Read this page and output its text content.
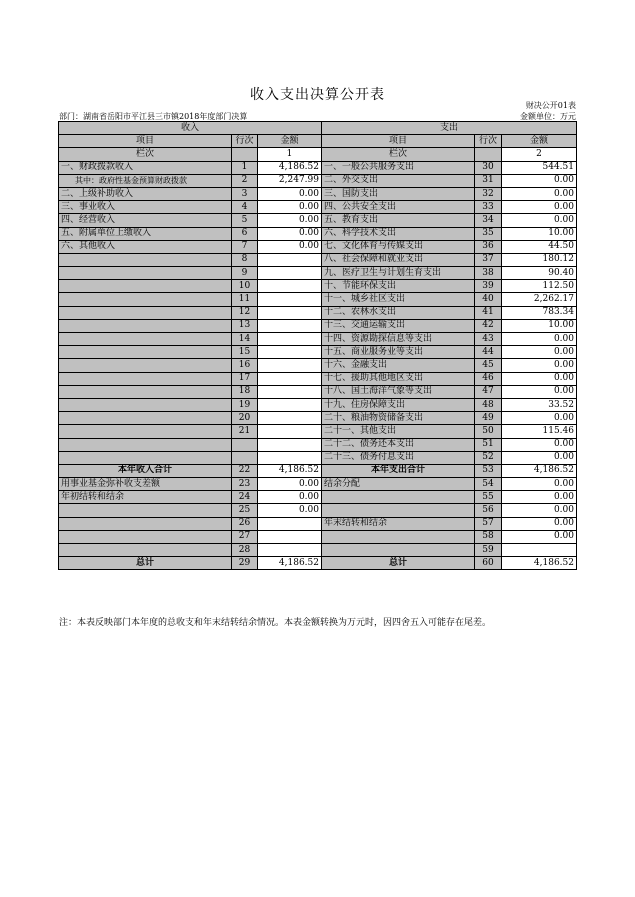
收入支出决算公开表
财决公开01表
部门：湖南省岳阳市平江县三市镇2018年度部门决算	金额单位：万元
收入			支出		
项目	行次	金额	项目	行次	金额
栏次		1	栏次		2
一、财政拨款收入	1	4,186.52	一、一般公共服务支出	30	544.51
其中：政府性基金预算财政拨款	2	2,247.99	二、外交支出	31	0.00
二、上级补助收入	3	0.00	三、国防支出	32	0.00
三、事业收入	4	0.00	四、公共安全支出	33	0.00
四、经营收入	5	0.00	五、教育支出	34	0.00
五、附属单位上缴收入	6	0.00	六、科学技术支出	35	10.00
六、其他收入	7	0.00	七、文化体育与传媒支出	36	44.50
	8		八、社会保障和就业支出	37	180.12
	9		九、医疗卫生与计划生育支出	38	90.40
	10		十、节能环保支出	39	112.50
	11		十一、城乡社区支出	40	2,262.17
	12		十二、农林水支出	41	783.34
	13		十三、交通运输支出	42	10.00
	14		十四、资源勘探信息等支出	43	0.00
	15		十五、商业服务业等支出	44	0.00
	16		十六、金融支出	45	0.00
	17		十七、援助其他地区支出	46	0.00
	18		十八、国土海洋气象等支出	47	0.00
	19		十九、住房保障支出	48	33.52
	20		二十、粮油物资储备支出	49	0.00
	21		二十一、其他支出	50	115.46
			二十二、债务还本支出	51	0.00
			二十三、债务付息支出	52	0.00
本年收入合计	22	4,186.52	本年支出合计	53	4,186.52
用事业基金弥补收支差额	23	0.00	结余分配	54	0.00
年初结转和结余	24	0.00		55	0.00
	25	0.00		56	0.00
	26		年末结转和结余	57	0.00
	27			58	0.00
	28			59	
总计	29	4,186.52	总计	60	4,186.52
注：本表反映部门本年度的总收支和年末结转结余情况。本表金额转换为万元时，因四舍五入可能存在尾差。
